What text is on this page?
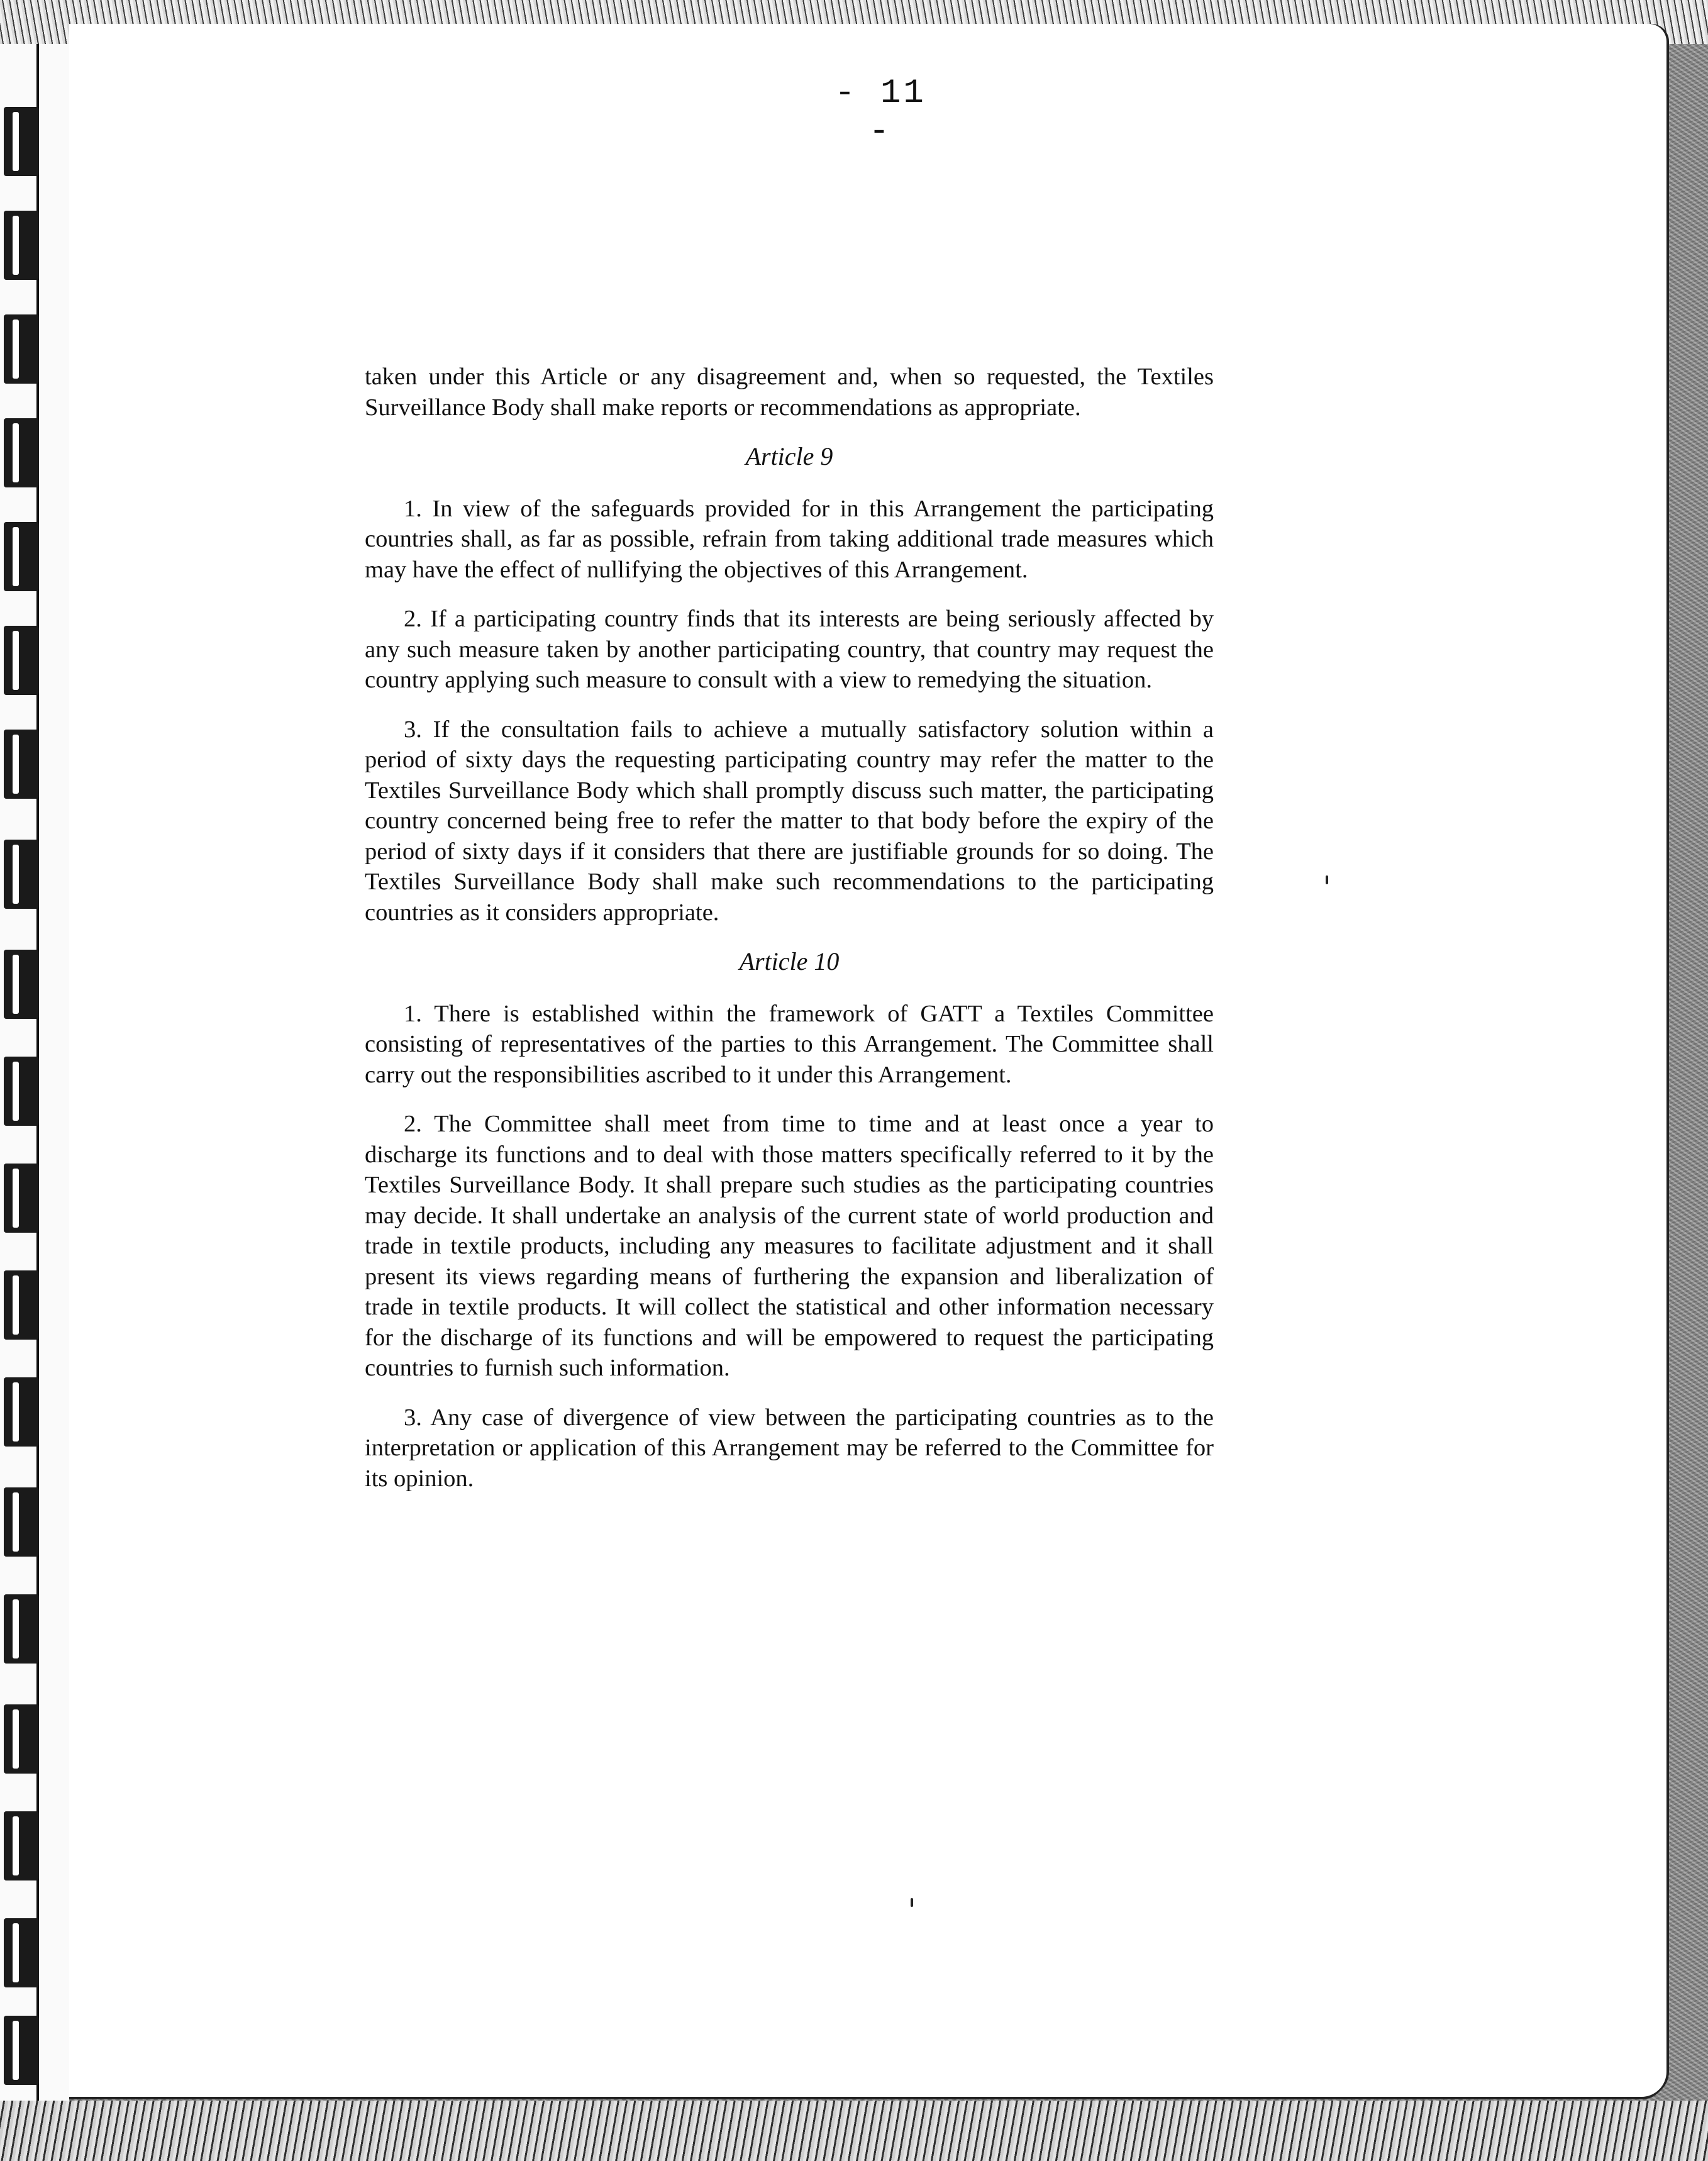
- 11 -

taken under this Article or any disagreement and, when so requested, the Textiles Surveillance Body shall make reports or recommendations as appropriate.

Article 9

1. In view of the safeguards provided for in this Arrangement the participating countries shall, as far as possible, refrain from taking additional trade measures which may have the effect of nullifying the objectives of this Arrangement.

2. If a participating country finds that its interests are being seriously affected by any such measure taken by another participating country, that country may request the country applying such measure to consult with a view to remedying the situation.

3. If the consultation fails to achieve a mutually satisfactory solution within a period of sixty days the requesting participating country may refer the matter to the Textiles Surveillance Body which shall promptly discuss such matter, the participating country concerned being free to refer the matter to that body before the expiry of the period of sixty days if it considers that there are justifiable grounds for so doing. The Textiles Surveillance Body shall make such recommendations to the participating countries as it considers appropriate.

Article 10

1. There is established within the framework of GATT a Textiles Committee consisting of representatives of the parties to this Arrangement. The Committee shall carry out the responsibilities ascribed to it under this Arrangement.

2. The Committee shall meet from time to time and at least once a year to discharge its functions and to deal with those matters specifically referred to it by the Textiles Surveillance Body. It shall prepare such studies as the participating countries may decide. It shall undertake an analysis of the current state of world production and trade in textile products, including any measures to facilitate adjustment and it shall present its views regarding means of furthering the expansion and liberalization of trade in textile products. It will collect the statistical and other information necessary for the discharge of its functions and will be empowered to request the participating countries to furnish such information.

3. Any case of divergence of view between the participating countries as to the interpretation or application of this Arrangement may be referred to the Committee for its opinion.
